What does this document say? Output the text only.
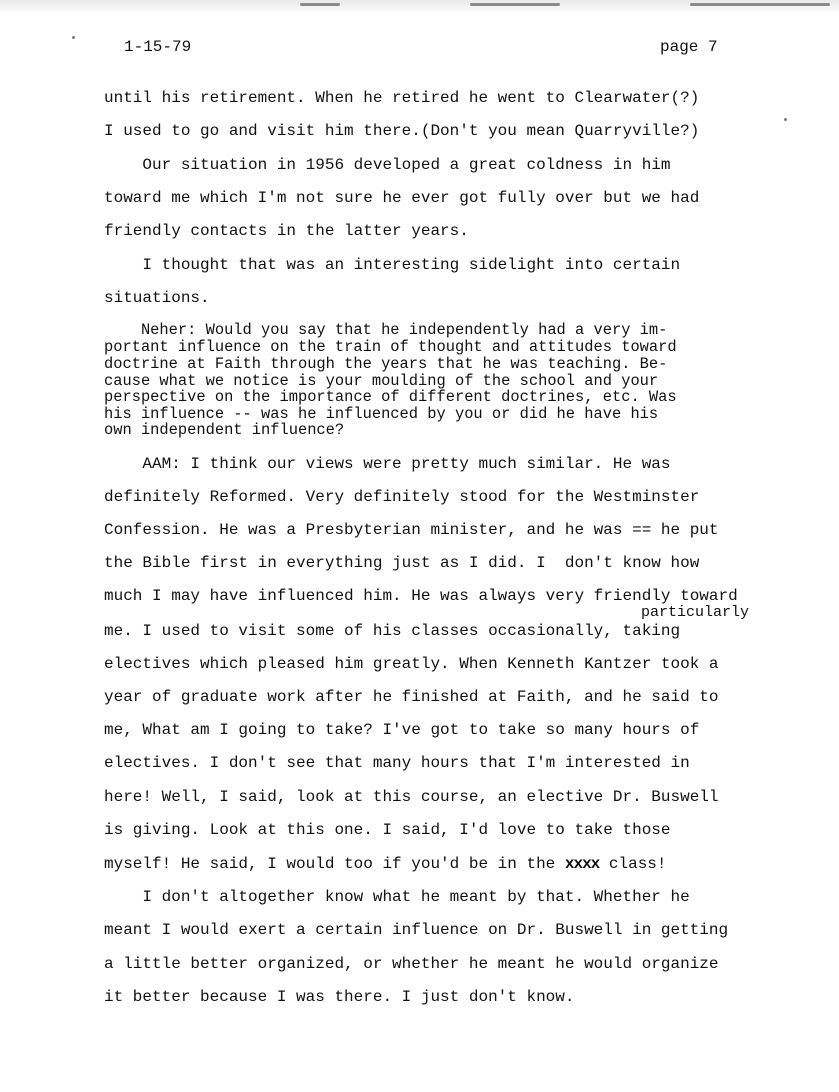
1-15-79	page 7
until his retirement. When he retired he went to Clearwater(?)
I used to go and visit him there.(Don't you mean Quarryville?)
Our situation in 1956 developed a great coldness in him
toward me which I'm not sure he ever got fully over but we had
friendly contacts in the latter years.
I thought that was an interesting sidelight into certain
situations.
Neher: Would you say that he independently had a very im-
portant influence on the train of thought and attitudes toward
doctrine at Faith through the years that he was teaching. Be-
cause what we notice is your moulding of the school and your
perspective on the importance of different doctrines, etc. Was
his influence -- was he influenced by you or did he have his
own independent influence?
AAM: I think our views were pretty much similar. He was
definitely Reformed. Very definitely stood for the Westminster
Confession. He was a Presbyterian minister, and he was == he put
the Bible first in everything just as I did. I  don't know how
much I may have influenced him. He was always very friendly toward
particularly
me. I used to visit some of his classes occasionally, taking
electives which pleased him greatly. When Kenneth Kantzer took a
year of graduate work after he finished at Faith, and he said to
me, What am I going to take? I've got to take so many hours of
electives. I don't see that many hours that I'm interested in
here! Well, I said, look at this course, an elective Dr. Buswell
is giving. Look at this one. I said, I'd love to take those
myself! He said, I would too if you'd be in the xxxx class!
I don't altogether know what he meant by that. Whether he
meant I would exert a certain influence on Dr. Buswell in getting
a little better organized, or whether he meant he would organize
it better because I was there. I just don't know.
